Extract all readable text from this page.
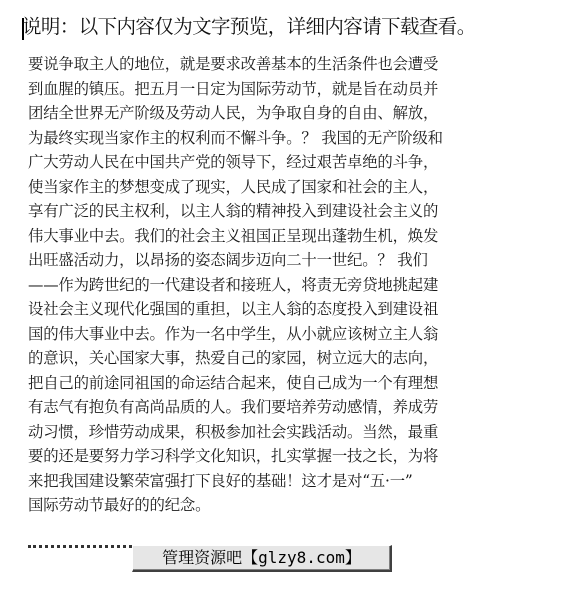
说明：以下内容仅为文字预览，详细内容请下载查看。
要说争取主人的地位，就是要求改善基本的生活条件也会遭受
到血腥的镇压。把五月一日定为国际劳动节，就是旨在动员并
团结全世界无产阶级及劳动人民，为争取自身的自由、解放，
为最终实现当家作主的权利而不懈斗争。？ 我国的无产阶级和
广大劳动人民在中国共产党的领导下，经过艰苦卓绝的斗争，
使当家作主的梦想变成了现实，人民成了国家和社会的主人，
享有广泛的民主权利，以主人翁的精神投入到建设社会主义的
伟大事业中去。我们的社会主义祖国正呈现出蓬勃生机，焕发
出旺盛活动力，以昂扬的姿态阔步迈向二十一世纪。？ 我们
——作为跨世纪的一代建设者和接班人，将责无旁贷地挑起建
设社会主义现代化强国的重担，以主人翁的态度投入到建设祖
国的伟大事业中去。作为一名中学生，从小就应该树立主人翁
的意识，关心国家大事，热爱自己的家园，树立远大的志向，
把自己的前途同祖国的命运结合起来，使自己成为一个有理想
有志气有抱负有高尚品质的人。我们要培养劳动感情，养成劳
动习惯，珍惜劳动成果，积极参加社会实践活动。当然，最重
要的还是要努力学习科学文化知识，扎实掌握一技之长，为将
来把我国建设繁荣富强打下良好的基础！这才是对“五·一”
国际劳动节最好的的纪念。
管理资源吧【glzy8.com】
